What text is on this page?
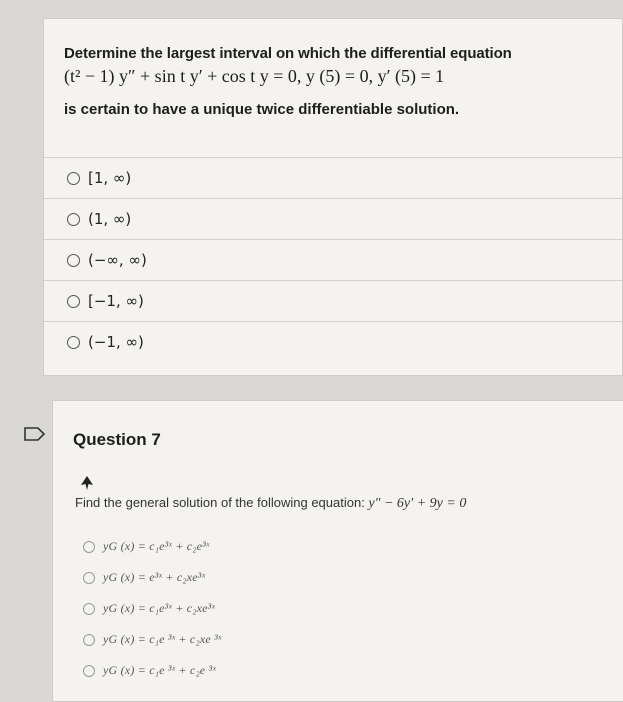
Determine the largest interval on which the differential equation
(t² − 1) y″ + sin t y′ + cos t y = 0, y (5) = 0, y′ (5) = 1
is certain to have a unique twice differentiable solution.
[1, ∞)
(1, ∞)
(−∞, ∞)
[−1, ∞)
(−1, ∞)
Question 7
Find the general solution of the following equation: y″ − 6y′ + 9y = 0
yG (x) = c₁e³ˣ + c₂e³ˣ
yG (x) = e³ˣ + c₂xe³ˣ
yG (x) = c₁e³ˣ + c₂xe³ˣ
yG (x) = c₁e ³ˣ + c₂xe ³ˣ
yG (x) = c₁e ³ˣ + c₂e ³ˣ
